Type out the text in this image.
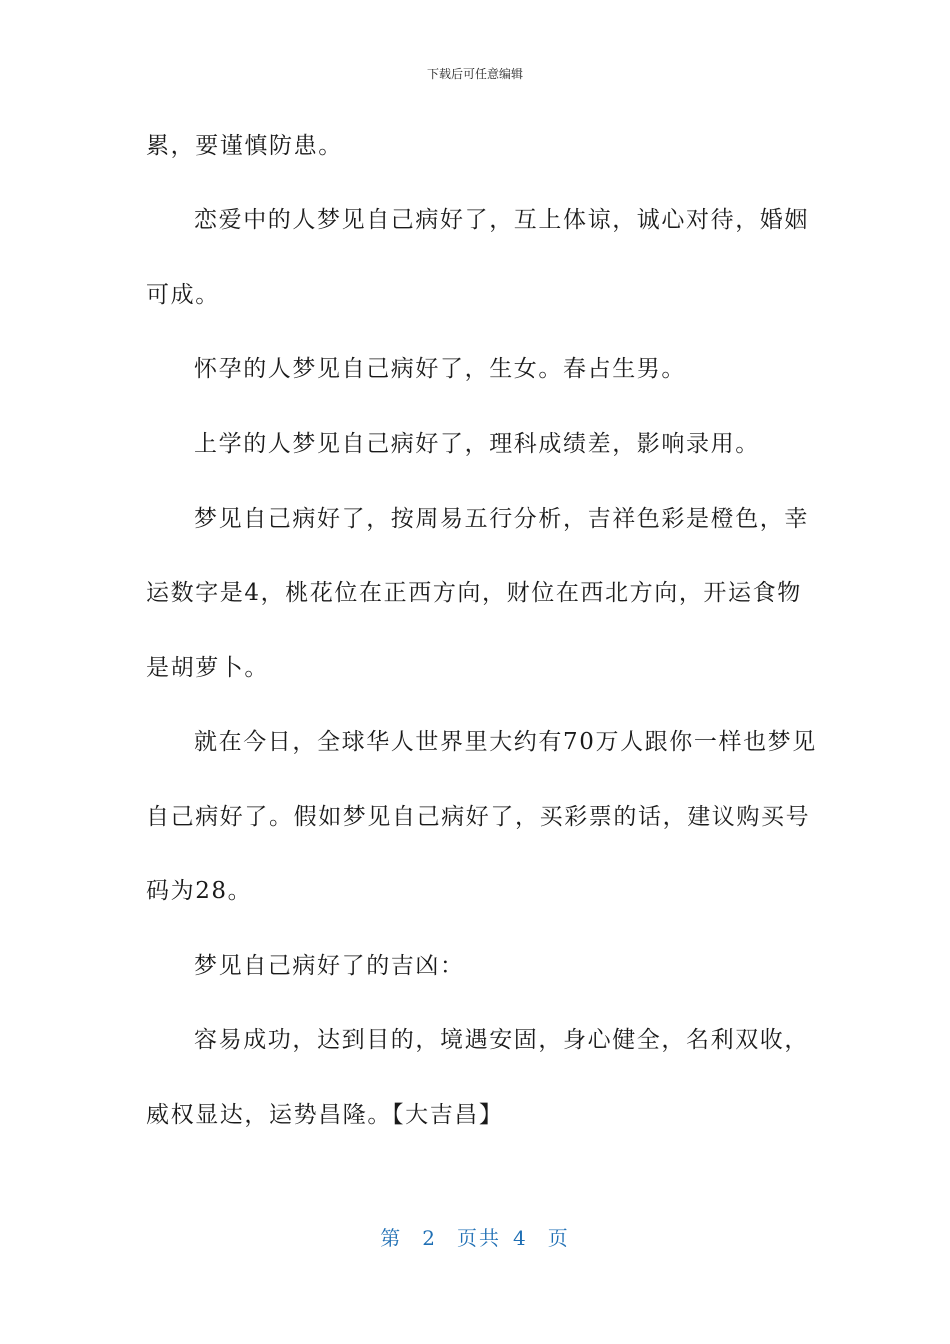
下载后可任意编辑
累，要谨慎防患。
恋爱中的人梦见自己病好了，互上体谅，诚心对待，婚姻
可成。
怀孕的人梦见自己病好了，生女。春占生男。
上学的人梦见自己病好了，理科成绩差，影响录用。
梦见自己病好了，按周易五行分析，吉祥色彩是橙色，幸
运数字是4，桃花位在正西方向，财位在西北方向，开运食物
是胡萝卜。
就在今日，全球华人世界里大约有70万人跟你一样也梦见
自己病好了。假如梦见自己病好了，买彩票的话，建议购买号
码为28。
梦见自己病好了的吉凶：
容易成功，达到目的，境遇安固，身心健全，名利双收，
威权显达，运势昌隆。【大吉昌】
第 2 页共 4 页
